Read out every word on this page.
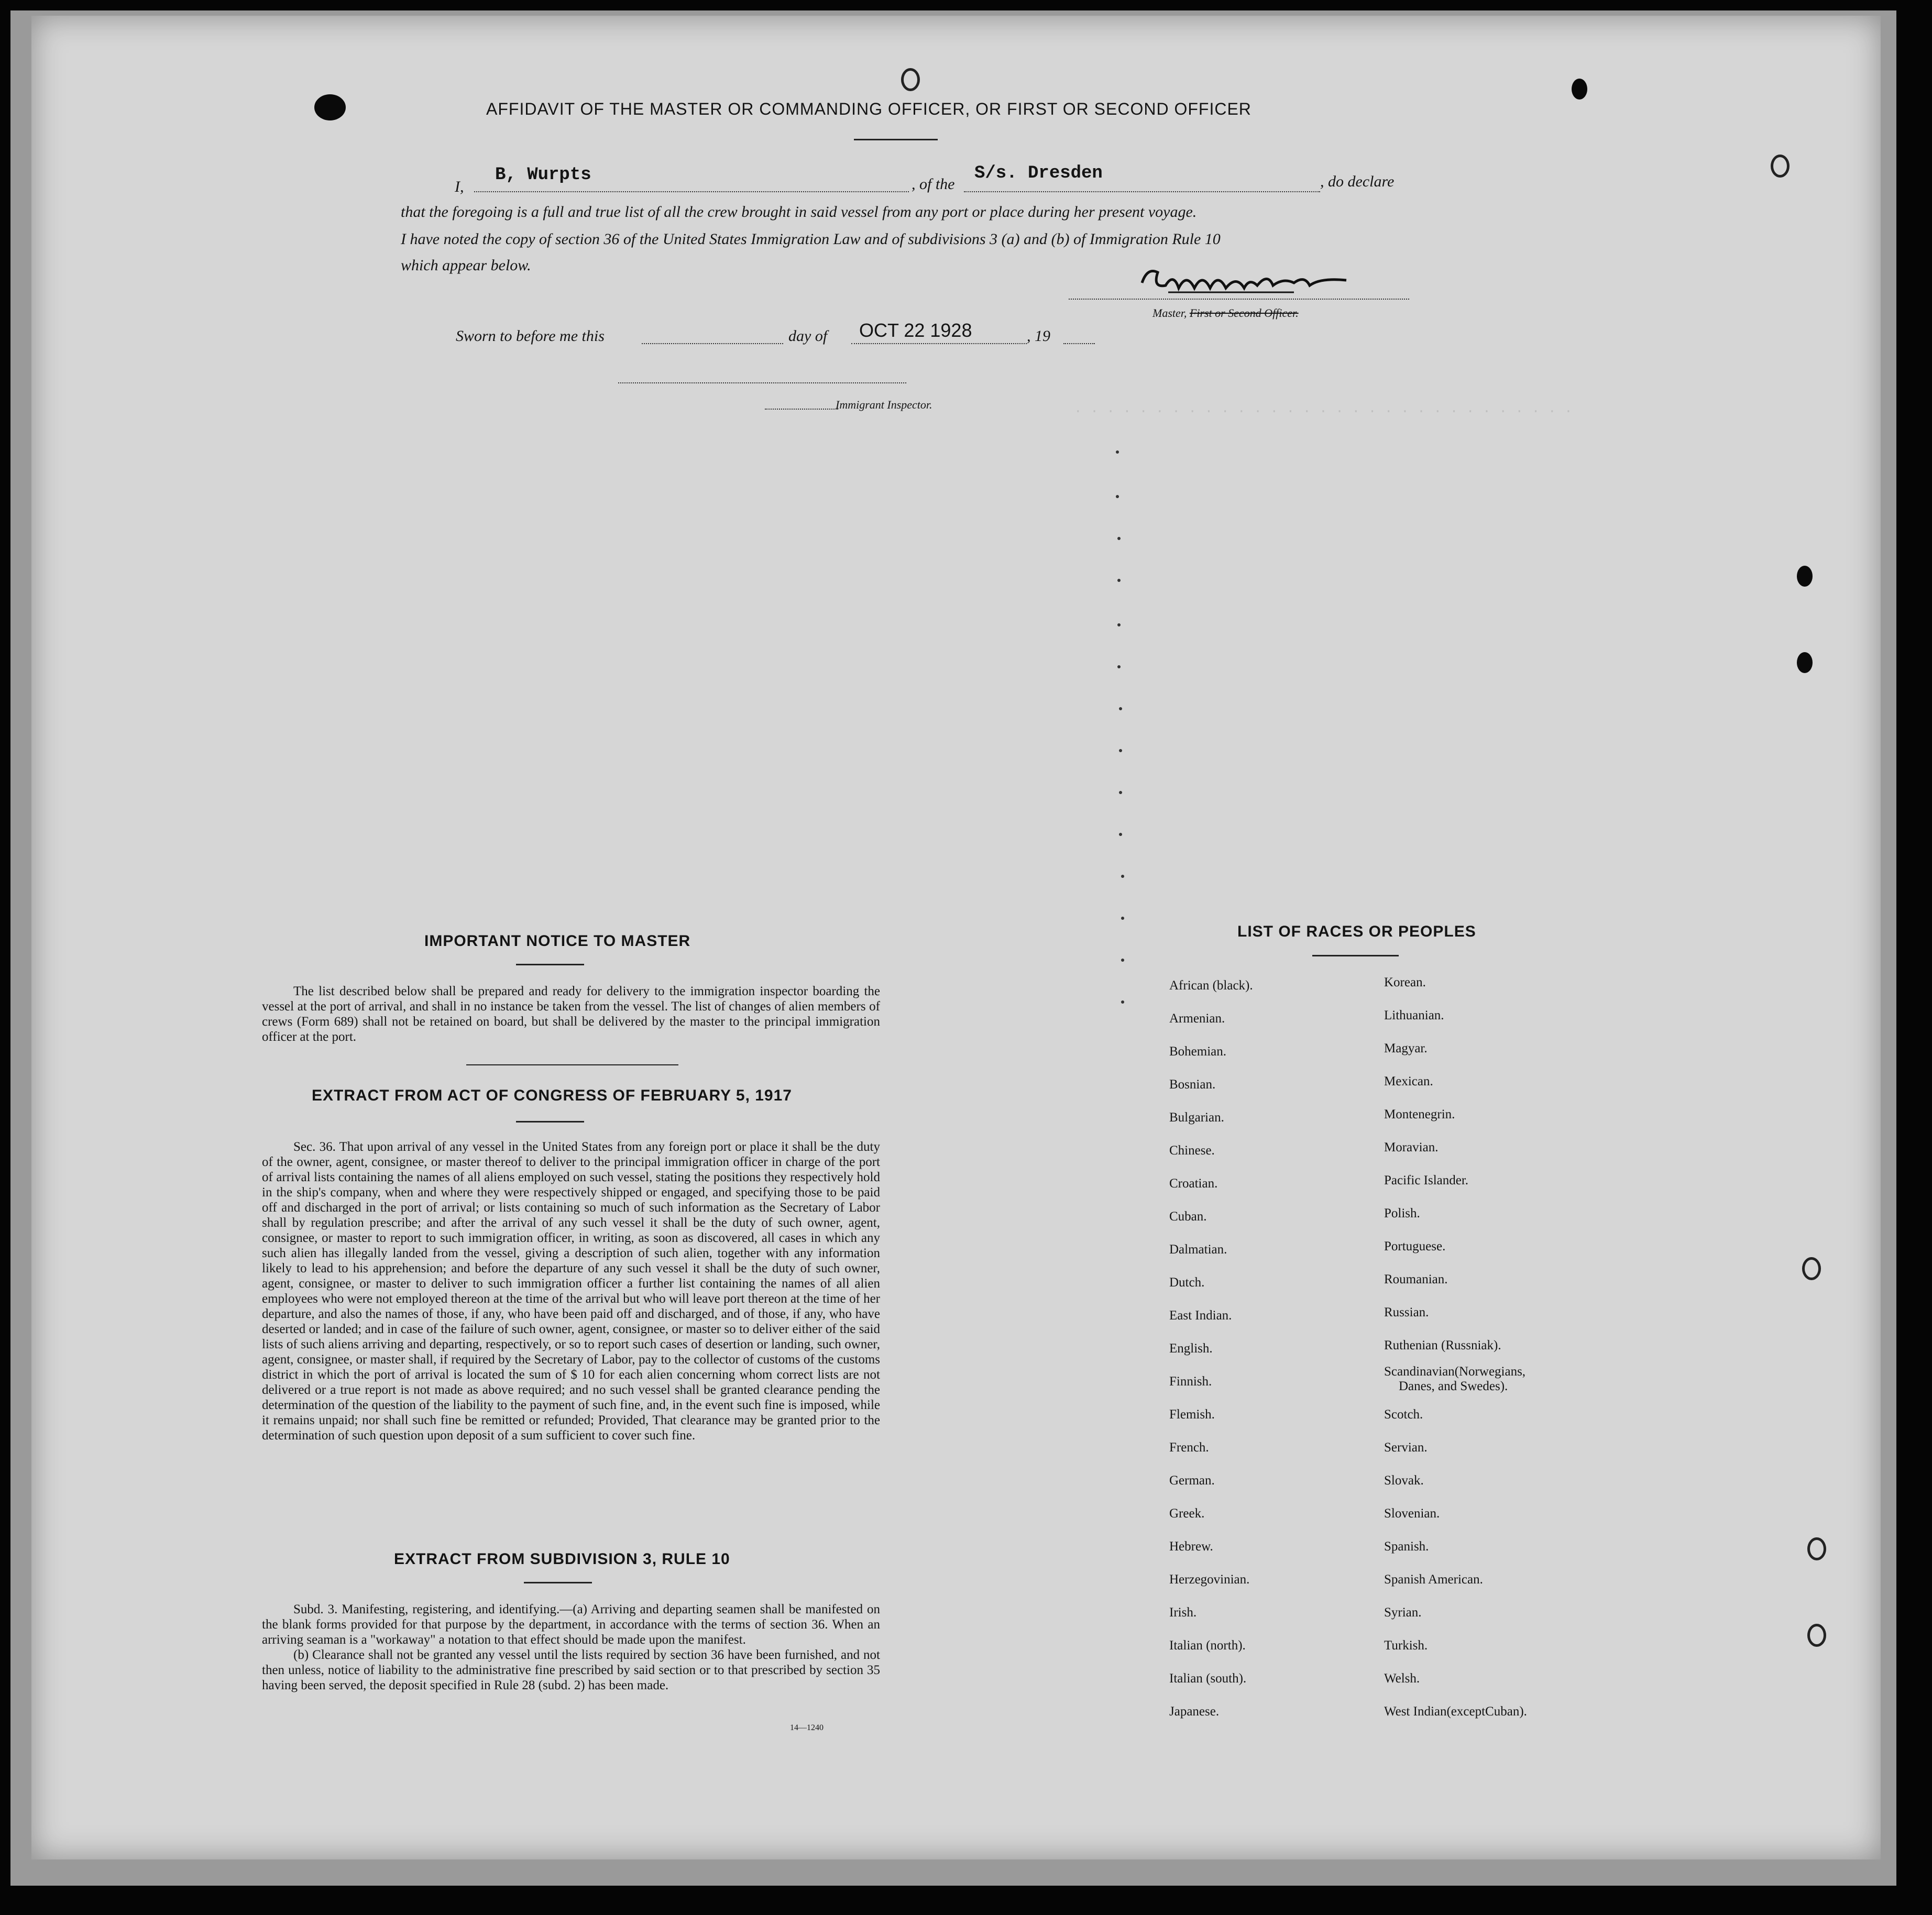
. . . . . . . . . . . . . . . . . . . . . . . . . . . . . . .
AFFIDAVIT OF THE MASTER OR COMMANDING OFFICER, OR FIRST OR SECOND OFFICER
I,
B, Wurpts	, of the
S/s. Dresden	, do declare
that the foregoing is a full and true list of all the crew brought in said vessel from any port or place during her present voyage.
I have noted the copy of section 36 of the United States Immigration Law and of subdivisions 3 (a) and (b) of Immigration Rule 10
which appear below.
Master, First or Second Officer.
Sworn to before me this	day of OCT 22 1928	, 19
Immigrant Inspector.
IMPORTANT NOTICE TO MASTER

The list described below shall be prepared and ready for delivery to the immigration inspector boarding the vessel at the port of arrival, and shall in no instance be taken from the vessel. The list of changes of alien members of crews (Form 689) shall not be retained on board, but shall be delivered by the master to the principal immigration officer at the port.

EXTRACT FROM ACT OF CONGRESS OF FEBRUARY 5, 1917

Sec. 36. That upon arrival of any vessel in the United States from any foreign port or place it shall be the duty of the owner, agent, consignee, or master thereof to deliver to the principal immigration officer in charge of the port of arrival lists containing the names of all aliens employed on such vessel, stating the positions they respectively hold in the ship's company, when and where they were respectively shipped or engaged, and specifying those to be paid off and discharged in the port of arrival; or lists containing so much of such information as the Secretary of Labor shall by regulation prescribe; and after the arrival of any such vessel it shall be the duty of such owner, agent, consignee, or master to report to such immigration officer, in writing, as soon as discovered, all cases in which any such alien has illegally landed from the vessel, giving a description of such alien, together with any information likely to lead to his apprehension; and before the departure of any such vessel it shall be the duty of such owner, agent, consignee, or master to deliver to such immigration officer a further list containing the names of all alien employees who were not employed thereon at the time of the arrival but who will leave port thereon at the time of her departure, and also the names of those, if any, who have been paid off and discharged, and of those, if any, who have deserted or landed; and in case of the failure of such owner, agent, consignee, or master so to deliver either of the said lists of such aliens arriving and departing, respectively, or so to report such cases of desertion or landing, such owner, agent, consignee, or master shall, if required by the Secretary of Labor, pay to the collector of customs of the customs district in which the port of arrival is located the sum of $ 10 for each alien concerning whom correct lists are not delivered or a true report is not made as above required; and no such vessel shall be granted clearance pending the determination of the question of the liability to the payment of such fine, and, in the event such fine is imposed, while it remains unpaid; nor shall such fine be remitted or refunded; Provided, That clearance may be granted prior to the determination of such question upon deposit of a sum sufficient to cover such fine.

EXTRACT FROM SUBDIVISION 3, RULE 10

Subd. 3. Manifesting, registering, and identifying.—(a) Arriving and departing seamen shall be manifested on the blank forms provided for that purpose by the department, in accordance with the terms of section 36. When an arriving seaman is a "workaway" a notation to that effect should be made upon the manifest.

(b) Clearance shall not be granted any vessel until the lists required by section 36 have been furnished, and not then unless, notice of liability to the administrative fine prescribed by said section or to that prescribed by section 35 having been served, the deposit specified in Rule 28 (subd. 2) has been made.

14—1240
LIST OF RACES OR PEOPLES
African (black).
Armenian.
Bohemian.
Bosnian.
Bulgarian.
Chinese.
Croatian.
Cuban.
Dalmatian.
Dutch.
East Indian.
English.
Finnish.
Flemish.
French.
German.
Greek.
Hebrew.
Herzegovinian.
Irish.
Italian (north).
Italian (south).
Japanese.
Korean.
Lithuanian.
Magyar.
Mexican.
Montenegrin.
Moravian.
Pacific Islander.
Polish.
Portuguese.
Roumanian.
Russian.
Ruthenian (Russniak).
Scandinavian(Norwegians,
Danes, and Swedes).
Scotch.
Servian.
Slovak.
Slovenian.
Spanish.
Spanish American.
Syrian.
Turkish.
Welsh.
West Indian(exceptCuban).
